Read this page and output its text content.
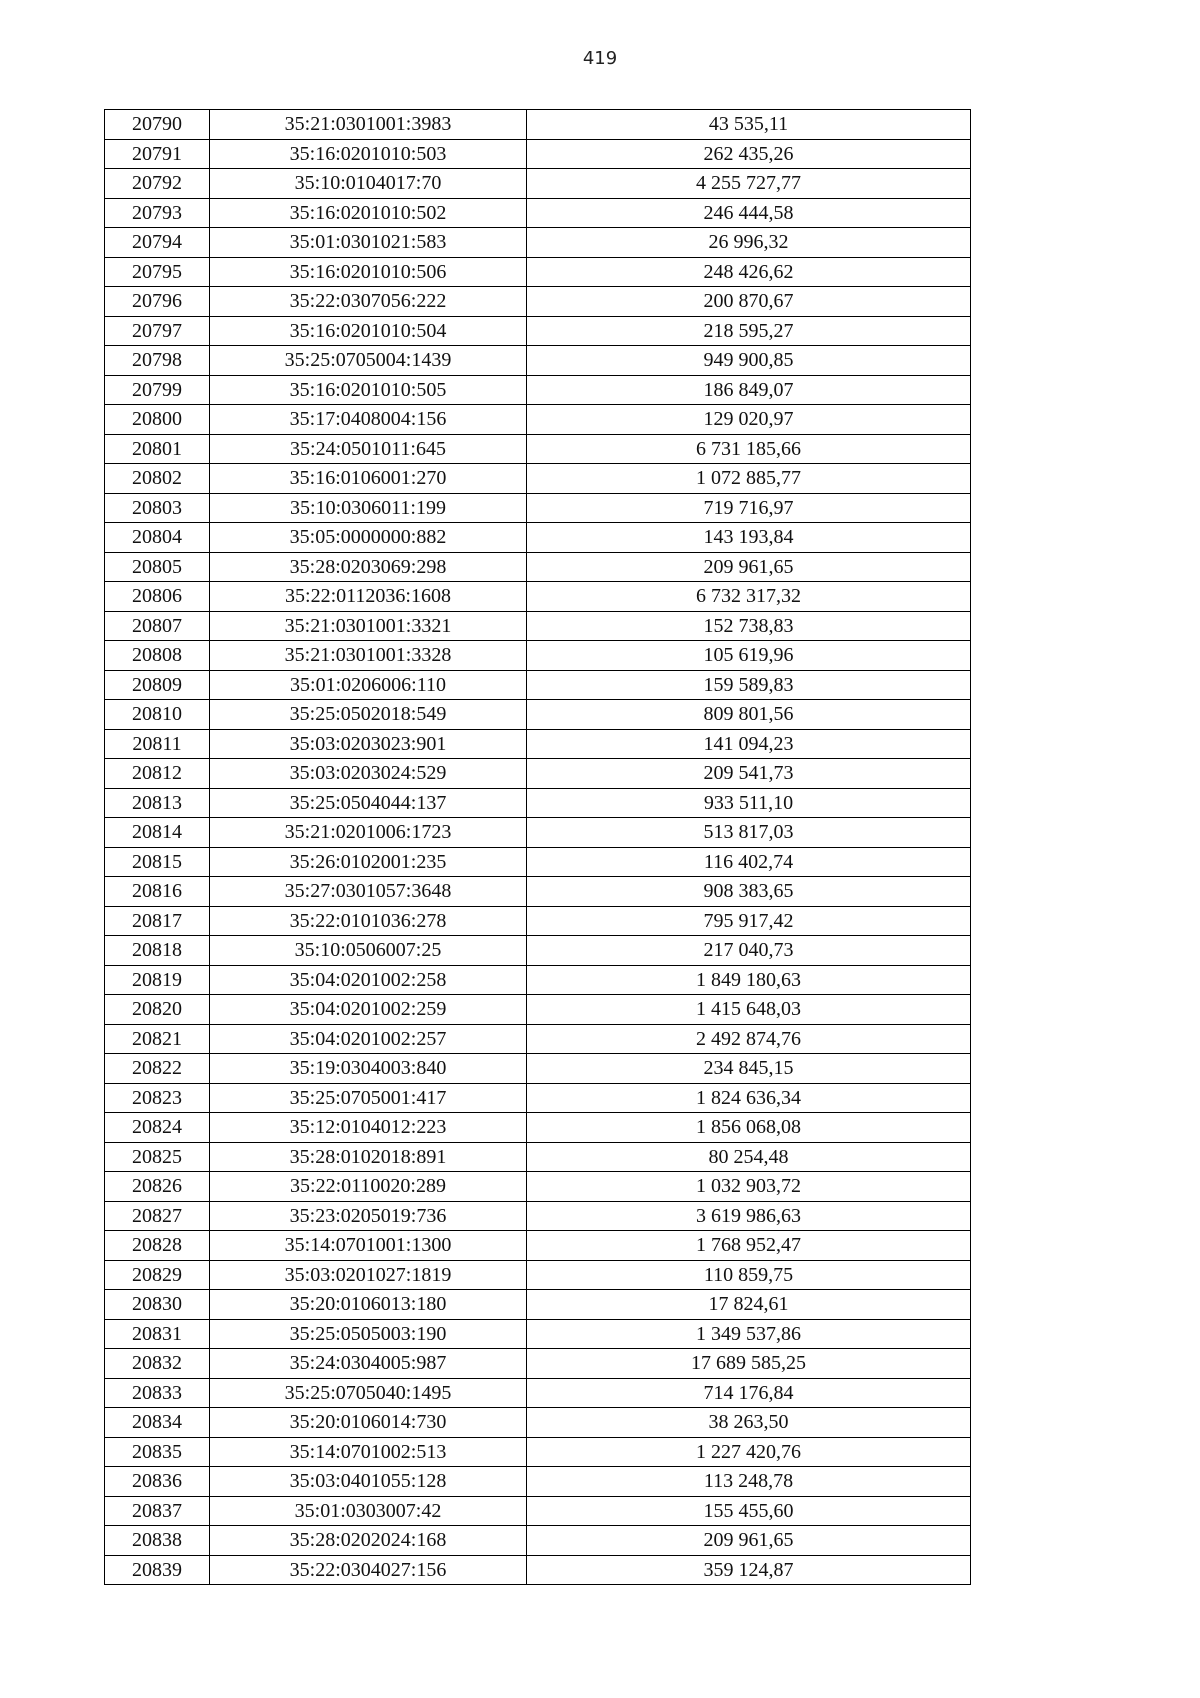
419
20790	35:21:0301001:3983	43 535,11
20791	35:16:0201010:503	262 435,26
20792	35:10:0104017:70	4 255 727,77
20793	35:16:0201010:502	246 444,58
20794	35:01:0301021:583	26 996,32
20795	35:16:0201010:506	248 426,62
20796	35:22:0307056:222	200 870,67
20797	35:16:0201010:504	218 595,27
20798	35:25:0705004:1439	949 900,85
20799	35:16:0201010:505	186 849,07
20800	35:17:0408004:156	129 020,97
20801	35:24:0501011:645	6 731 185,66
20802	35:16:0106001:270	1 072 885,77
20803	35:10:0306011:199	719 716,97
20804	35:05:0000000:882	143 193,84
20805	35:28:0203069:298	209 961,65
20806	35:22:0112036:1608	6 732 317,32
20807	35:21:0301001:3321	152 738,83
20808	35:21:0301001:3328	105 619,96
20809	35:01:0206006:110	159 589,83
20810	35:25:0502018:549	809 801,56
20811	35:03:0203023:901	141 094,23
20812	35:03:0203024:529	209 541,73
20813	35:25:0504044:137	933 511,10
20814	35:21:0201006:1723	513 817,03
20815	35:26:0102001:235	116 402,74
20816	35:27:0301057:3648	908 383,65
20817	35:22:0101036:278	795 917,42
20818	35:10:0506007:25	217 040,73
20819	35:04:0201002:258	1 849 180,63
20820	35:04:0201002:259	1 415 648,03
20821	35:04:0201002:257	2 492 874,76
20822	35:19:0304003:840	234 845,15
20823	35:25:0705001:417	1 824 636,34
20824	35:12:0104012:223	1 856 068,08
20825	35:28:0102018:891	80 254,48
20826	35:22:0110020:289	1 032 903,72
20827	35:23:0205019:736	3 619 986,63
20828	35:14:0701001:1300	1 768 952,47
20829	35:03:0201027:1819	110 859,75
20830	35:20:0106013:180	17 824,61
20831	35:25:0505003:190	1 349 537,86
20832	35:24:0304005:987	17 689 585,25
20833	35:25:0705040:1495	714 176,84
20834	35:20:0106014:730	38 263,50
20835	35:14:0701002:513	1 227 420,76
20836	35:03:0401055:128	113 248,78
20837	35:01:0303007:42	155 455,60
20838	35:28:0202024:168	209 961,65
20839	35:22:0304027:156	359 124,87
